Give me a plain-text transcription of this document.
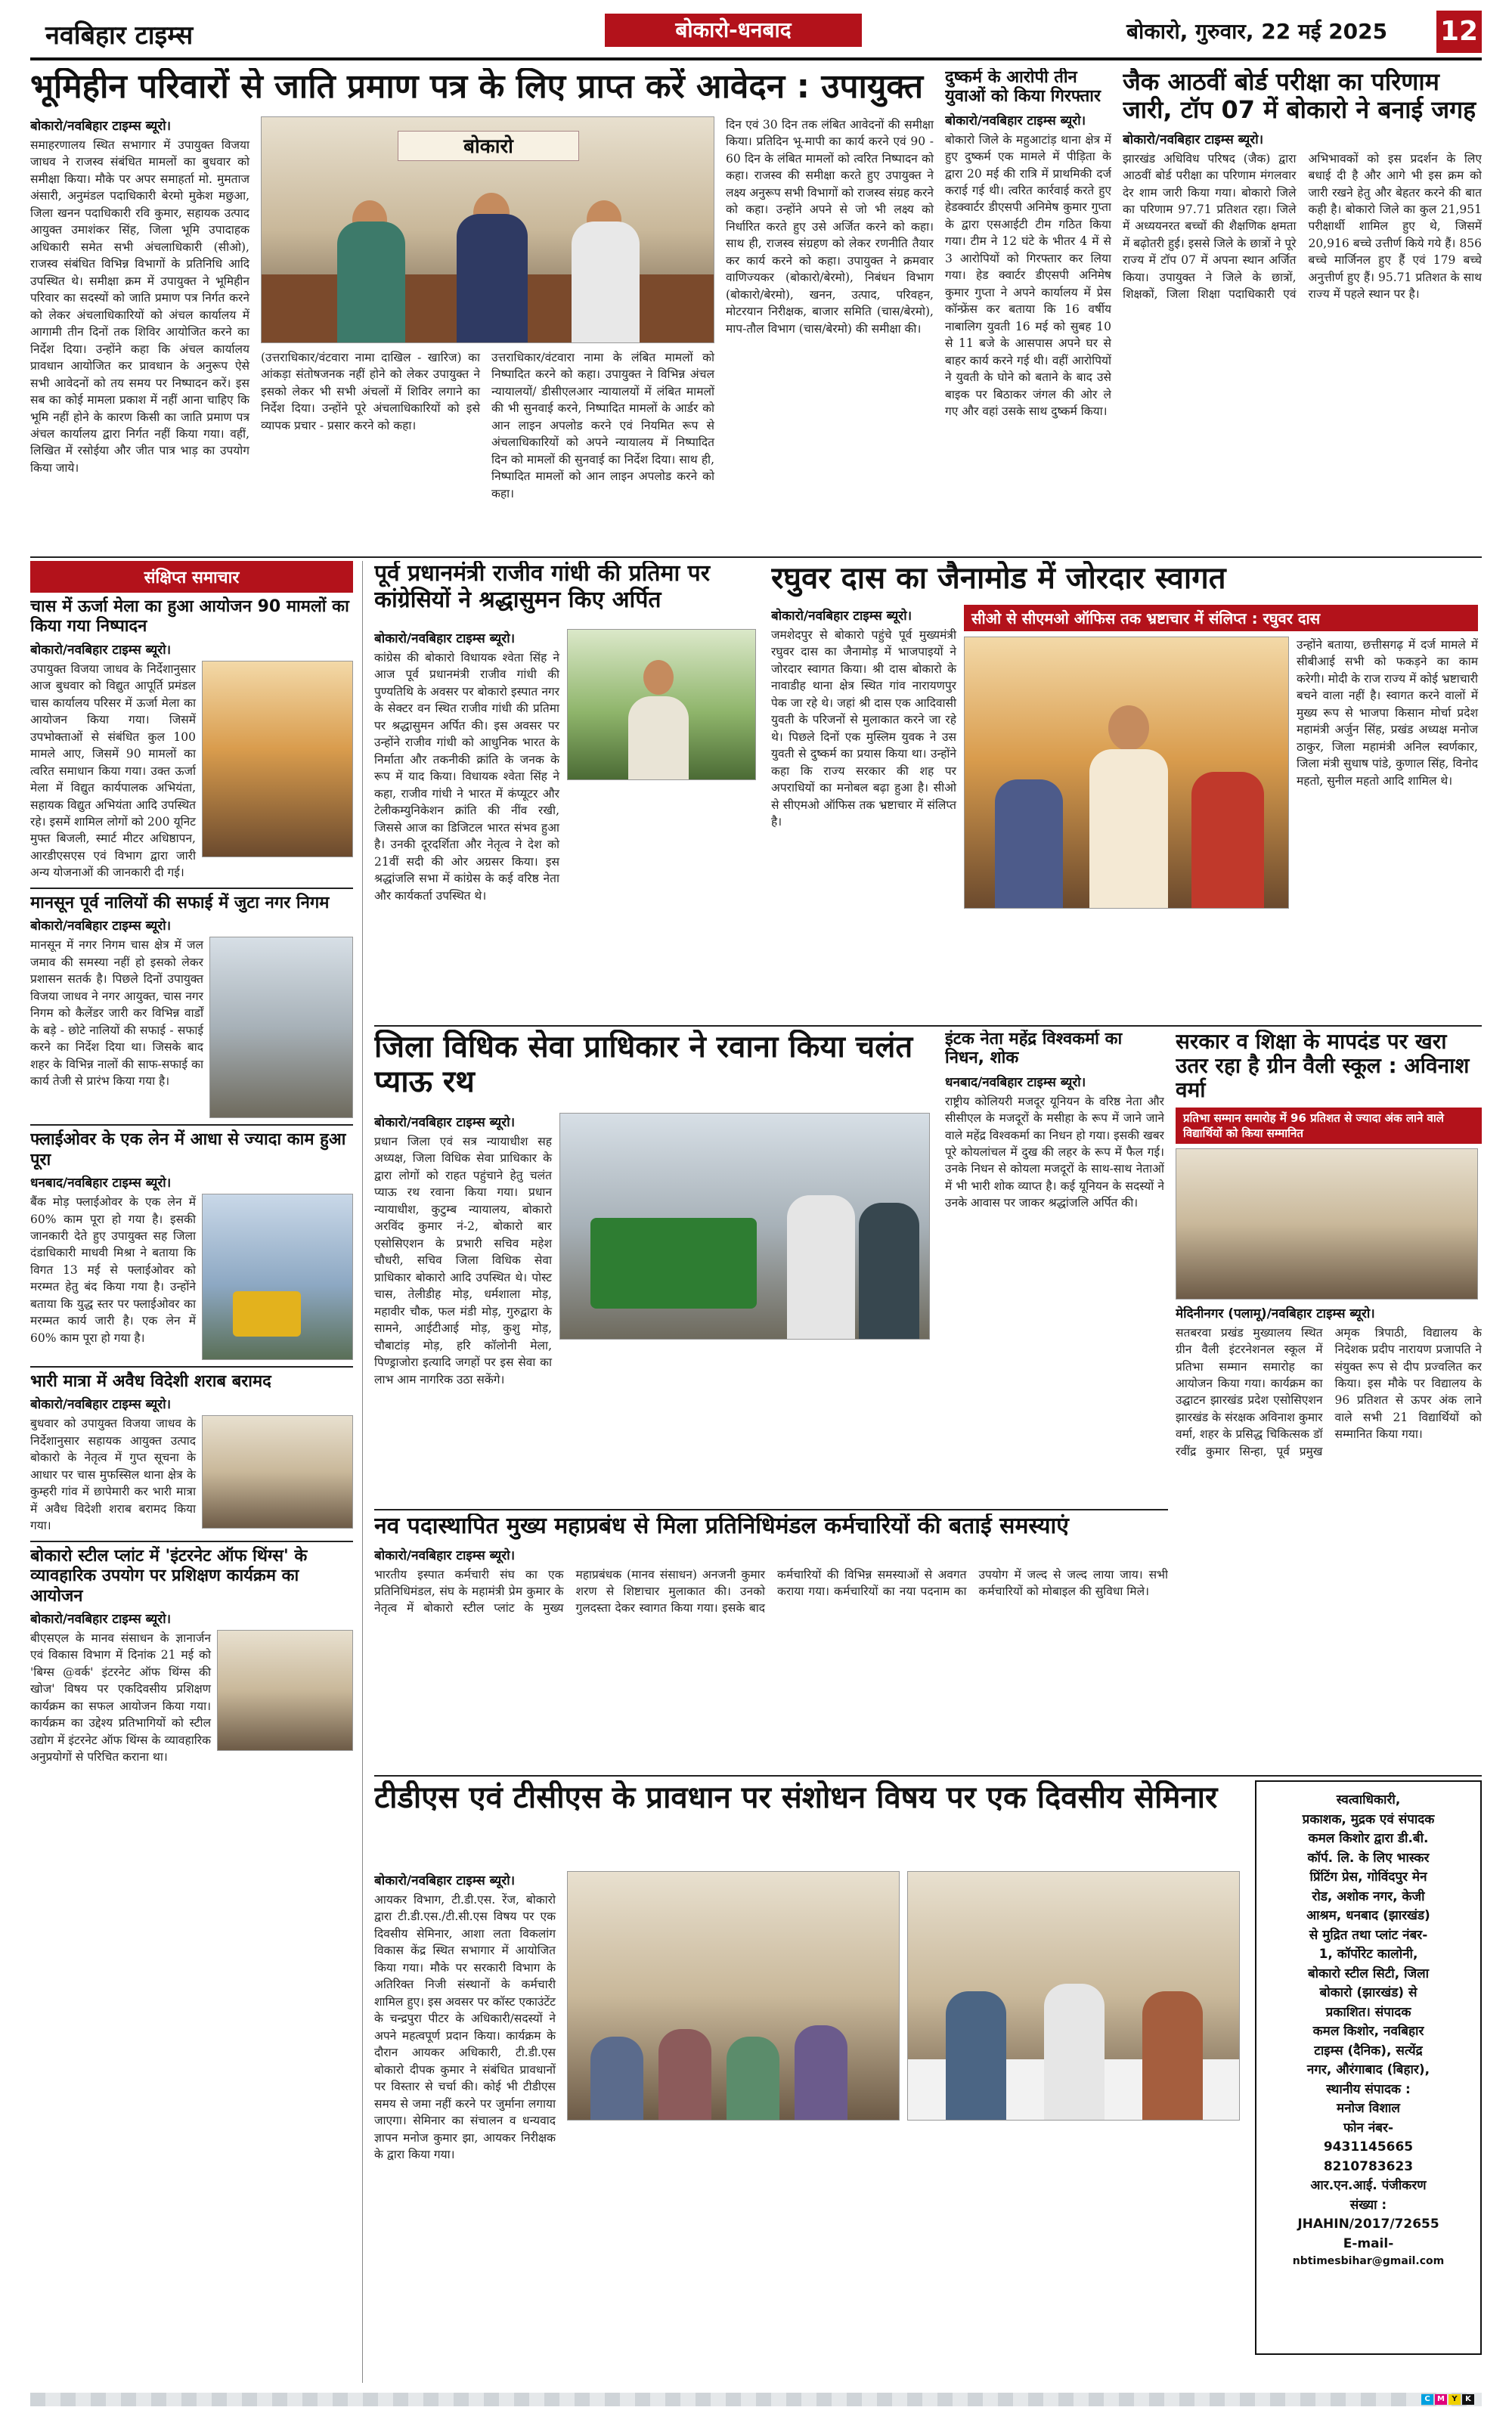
नवबिहार टाइम्स	बोकारो-धनबाद	बोकारो, गुरुवार, 22 मई 2025 12
भूमिहीन परिवारों से जाति प्रमाण पत्र के लिए प्राप्त करें आवेदन : उपायुक्त
बोकारो/नवबिहार टाइम्स ब्यूरो।
समाहरणालय स्थित सभागार में उपायुक्त विजया जाधव ने राजस्व संबंधित मामलों का बुधवार को समीक्षा किया। मौके पर अपर समाहर्ता मो. मुमताज अंसारी, अनुमंडल पदाधिकारी बेरमो मुकेश मछुआ, जिला खनन पदाधिकारी रवि कुमार, सहायक उत्पाद आयुक्त उमाशंकर सिंह, जिला भूमि उपादाहक अधिकारी समेत सभी अंचलाधिकारी (सीओ), राजस्व संबंधित विभिन्न विभागों के प्रतिनिधि आदि उपस्थित थे। समीक्षा क्रम में उपायुक्त ने भूमिहीन परिवार का सदस्यों को जाति प्रमाण पत्र निर्गत करने को लेकर अंचलाधिकारियों को अंचल कार्यालय में आगामी तीन दिनों तक शिविर आयोजित करने का निर्देश दिया। उन्होंने कहा कि अंचल कार्यालय प्रावधान आयोजित कर प्रावधान के अनुरूप ऐसे सभी आवेदनों को तय समय पर निष्पादन करें। इस सब का कोई मामला प्रकाश में नहीं आना चाहिए कि भूमि नहीं होने के कारण किसी का जाति प्रमाण पत्र अंचल कार्यालय द्वारा निर्गत नहीं किया गया। वहीं, लिखित में रसोईया और जीत पात्र भाड़ का उपयोग किया जाये।
बोकारो
(उत्तराधिकार/वंटवारा नामा दाखिल - खारिज) का आंकड़ा संतोषजनक नहीं होने को लेकर उपायुक्त ने इसको लेकर भी सभी अंचलों में शिविर लगाने का निर्देश दिया। उन्होंने पूरे अंचलाधिकारियों को इसे व्यापक प्रचार - प्रसार करने को कहा।
उत्तराधिकार/वंटवारा नामा के लंबित मामलों को निष्पादित करने को कहा। उपायुक्त ने विभिन्न अंचल न्यायालयों/ डीसीएलआर न्यायालयों में लंबित मामलों की भी सुनवाई करने, निष्पादित मामलों के आर्डर को आन लाइन अपलोड करने एवं नियमित रूप से अंचलाधिकारियों को अपने न्यायालय में निष्पादित दिन को मामलों की सुनवाई का निर्देश दिया। साथ ही, निष्पादित मामलों को आन लाइन अपलोड करने को कहा।
दिन एवं 30 दिन तक लंबित आवेदनों की समीक्षा किया। प्रतिदिन भू-मापी का कार्य करने एवं 90 - 60 दिन के लंबित मामलों को त्वरित निष्पादन को कहा। राजस्व की समीक्षा करते हुए उपायुक्त ने लक्ष्य अनुरूप सभी विभागों को राजस्व संग्रह करने को कहा। उन्होंने अपने से जो भी लक्ष्य को निर्धारित करते हुए उसे अर्जित करने को कहा। साथ ही, राजस्व संग्रहण को लेकर रणनीति तैयार कर कार्य करने को कहा। उपायुक्त ने क्रमवार वाणिज्यकर (बोकारो/बेरमो), निबंधन विभाग (बोकारो/बेरमो), खनन, उत्पाद, परिवहन, मोटरयान निरीक्षक, बाजार समिति (चास/बेरमो), माप-तौल विभाग (चास/बेरमो) की समीक्षा की।
दुष्कर्म के आरोपी तीन युवाओं को किया गिरफ्तार
बोकारो/नवबिहार टाइम्स ब्यूरो।
बोकारो जिले के महुआटांड़ थाना क्षेत्र में हुए दुष्कर्म एक मामले में पीड़िता के द्वारा 20 मई की रात्रि में प्राथमिकी दर्ज कराई गई थी। त्वरित कार्रवाई करते हुए हेडक्वार्टर डीएसपी अनिमेष कुमार गुप्ता के द्वारा एसआईटी टीम गठित किया गया। टीम ने 12 घंटे के भीतर 4 में से 3 आरोपियों को गिरफ्तार कर लिया गया। हेड क्वार्टर डीएसपी अनिमेष कुमार गुप्ता ने अपने कार्यालय में प्रेस कॉन्फ्रेंस कर बताया कि 16 वर्षीय नाबालिग युवती 16 मई को सुबह 10 से 11 बजे के आसपास अपने घर से बाहर कार्य करने गई थी। वहीं आरोपियों ने युवती के घोने को बताने के बाद उसे बाइक पर बिठाकर जंगल की ओर ले गए और वहां उसके साथ दुष्कर्म किया।
जैक आठवीं बोर्ड परीक्षा का परिणाम जारी, टॉप 07 में बोकारो ने बनाई जगह
बोकारो/नवबिहार टाइम्स ब्यूरो।
झारखंड अधिविध परिषद (जैक) द्वारा आठवीं बोर्ड परीक्षा का परिणाम मंगलवार देर शाम जारी किया गया। बोकारो जिले का परिणाम 97.71 प्रतिशत रहा। जिले में अध्ययनरत बच्चों की शैक्षणिक क्षमता में बढ़ोतरी हुई। इससे जिले के छात्रों ने पूरे राज्य में टॉप 07 में अपना स्थान अर्जित किया। उपायुक्त ने जिले के छात्रों, शिक्षकों, जिला शिक्षा पदाधिकारी एवं अभिभावकों को इस प्रदर्शन के लिए बधाई दी है और आगे भी इस क्रम को जारी रखने हेतु और बेहतर करने की बात कही है। बोकारो जिले का कुल 21,951 परीक्षार्थी शामिल हुए थे, जिसमें 20,916 बच्चे उत्तीर्ण किये गये हैं। 856 बच्चे मार्जिनल हुए हैं एवं 179 बच्चे अनुत्तीर्ण हुए हैं। 95.71 प्रतिशत के साथ राज्य में पहले स्थान पर है।
संक्षिप्त समाचार
चास में ऊर्जा मेला का हुआ आयोजन 90 मामलों का किया गया निष्पादन
बोकारो/नवबिहार टाइम्स ब्यूरो।
उपायुक्त विजया जाधव के निर्देशानुसार आज बुधवार को विद्युत आपूर्ति प्रमंडल चास कार्यालय परिसर में ऊर्जा मेला का आयोजन किया गया। जिसमें उपभोक्ताओं से संबंधित कुल 100 मामले आए, जिसमें 90 मामलों का त्वरित समाधान किया गया। उक्त ऊर्जा मेला में विद्युत कार्यपालक अभियंता, सहायक विद्युत अभियंता आदि उपस्थित रहे। इसमें शामिल लोगों को 200 यूनिट मुफ्त बिजली, स्मार्ट मीटर अधिष्ठापन, आरडीएसएस एवं विभाग द्वारा जारी अन्य योजनाओं की जानकारी दी गई।
मानसून पूर्व नालियों की सफाई में जुटा नगर निगम
बोकारो/नवबिहार टाइम्स ब्यूरो।
मानसून में नगर निगम चास क्षेत्र में जल जमाव की समस्या नहीं हो इसको लेकर प्रशासन सतर्क है। पिछले दिनों उपायुक्त विजया जाधव ने नगर आयुक्त, चास नगर निगम को कैलेंडर जारी कर विभिन्न वार्डों के बड़े - छोटे नालियों की सफाई - सफाई करने का निर्देश दिया था। जिसके बाद शहर के विभिन्न नालों की साफ-सफाई का कार्य तेजी से प्रारंभ किया गया है।
फ्लाईओवर के एक लेन में आधा से ज्यादा काम हुआ पूरा
धनबाद/नवबिहार टाइम्स ब्यूरो।
बैंक मोड़ फ्लाईओवर के एक लेन में 60% काम पूरा हो गया है। इसकी जानकारी देते हुए उपायुक्त सह जिला दंडाधिकारी माधवी मिश्रा ने बताया कि विगत 13 मई से फ्लाईओवर को मरम्मत हेतु बंद किया गया है। उन्होंने बताया कि युद्ध स्तर पर फ्लाईओवर का मरम्मत कार्य जारी है। एक लेन में 60% काम पूरा हो गया है।
भारी मात्रा में अवैध विदेशी शराब बरामद
बोकारो/नवबिहार टाइम्स ब्यूरो।
बुधवार को उपायुक्त विजया जाधव के निर्देशानुसार सहायक आयुक्त उत्पाद बोकारो के नेतृत्व में गुप्त सूचना के आधार पर चास मुफस्सिल थाना क्षेत्र के कुम्हरी गांव में छापेमारी कर भारी मात्रा में अवैध विदेशी शराब बरामद किया गया।
बोकारो स्टील प्लांट में 'इंटरनेट ऑफ थिंग्स' के व्यावहारिक उपयोग पर प्रशिक्षण कार्यक्रम का आयोजन
बोकारो/नवबिहार टाइम्स ब्यूरो।
बीएसएल के मानव संसाधन के ज्ञानार्जन एवं विकास विभाग में दिनांक 21 मई को 'बिग्स @वर्क' इंटरनेट ऑफ थिंग्स की खोज' विषय पर एकदिवसीय प्रशिक्षण कार्यक्रम का सफल आयोजन किया गया। कार्यक्रम का उद्देश्य प्रतिभागियों को स्टील उद्योग में इंटरनेट ऑफ थिंग्स के व्यावहारिक अनुप्रयोगों से परिचित कराना था।
पूर्व प्रधानमंत्री राजीव गांधी की प्रतिमा पर कांग्रेसियों ने श्रद्धासुमन किए अर्पित
बोकारो/नवबिहार टाइम्स ब्यूरो।
कांग्रेस की बोकारो विधायक श्वेता सिंह ने आज पूर्व प्रधानमंत्री राजीव गांधी की पुण्यतिथि के अवसर पर बोकारो इस्पात नगर के सेक्टर वन स्थित राजीव गांधी की प्रतिमा पर श्रद्धासुमन अर्पित की। इस अवसर पर उन्होंने राजीव गांधी को आधुनिक भारत के निर्माता और तकनीकी क्रांति के जनक के रूप में याद किया। विधायक श्वेता सिंह ने कहा, राजीव गांधी ने भारत में कंप्यूटर और टेलीकम्युनिकेशन क्रांति की नींव रखी, जिससे आज का डिजिटल भारत संभव हुआ है। उनकी दूरदर्शिता और नेतृत्व ने देश को 21वीं सदी की ओर अग्रसर किया। इस श्रद्धांजलि सभा में कांग्रेस के कई वरिष्ठ नेता और कार्यकर्ता उपस्थित थे।
रघुवर दास का जैनामोड में जोरदार स्वागत
सीओ से सीएमओ ऑफिस तक भ्रष्टाचार में संलिप्त : रघुवर दास
बोकारो/नवबिहार टाइम्स ब्यूरो।
जमशेदपुर से बोकारो पहुंचे पूर्व मुख्यमंत्री रघुवर दास का जैनामोड़ में भाजपाइयों ने जोरदार स्वागत किया। श्री दास बोकारो के नावाडीह थाना क्षेत्र स्थित गांव नारायणपुर पेक जा रहे थे। जहां श्री दास एक आदिवासी युवती के परिजनों से मुलाकात करने जा रहे थे। पिछले दिनों एक मुस्लिम युवक ने उस युवती से दुष्कर्म का प्रयास किया था। उन्होंने कहा कि राज्य सरकार की शह पर अपराधियों का मनोबल बढ़ा हुआ है। सीओ से सीएमओ ऑफिस तक भ्रष्टाचार में संलिप्त है।
उन्होंने बताया, छत्तीसगढ़ में दर्ज मामले में सीबीआई सभी को फकड़ने का काम करेगी। मोदी के राज राज्य में कोई भ्रष्टाचारी बचने वाला नहीं है। स्वागत करने वालों में मुख्य रूप से भाजपा किसान मोर्चा प्रदेश महामंत्री अर्जुन सिंह, प्रखंड अध्यक्ष मनोज ठाकुर, जिला महामंत्री अनिल स्वर्णकार, जिला मंत्री सुधाष पांडे, कुणाल सिंह, विनोद महतो, सुनील महतो आदि शामिल थे।
जिला विधिक सेवा प्राधिकार ने रवाना किया चलंत प्याऊ रथ
बोकारो/नवबिहार टाइम्स ब्यूरो।
प्रधान जिला एवं सत्र न्यायाधीश सह अध्यक्ष, जिला विधिक सेवा प्राधिकार के द्वारा लोगों को राहत पहुंचाने हेतु चलंत प्याऊ रथ रवाना किया गया। प्रधान न्यायाधीश, कुटुम्ब न्यायालय, बोकारो अरविंद कुमार नं-2, बोकारो बार एसोसिएशन के प्रभारी सचिव महेश चौधरी, सचिव जिला विधिक सेवा प्राधिकार बोकारो आदि उपस्थित थे। पोस्ट चास, तेलीडीह मोड़, धर्मशाला मोड़, महावीर चौक, फल मंडी मोड़, गुरुद्वारा के सामने, आईटीआई मोड़, कुशु मोड़, चौबाटांड़ मोड़, हरि कॉलोनी मेला, पिण्ड्राजोरा इत्यादि जगहों पर इस सेवा का लाभ आम नागरिक उठा सकेंगे।
इंटक नेता महेंद्र विश्वकर्मा का निधन, शोक
धनबाद/नवबिहार टाइम्स ब्यूरो।
राष्ट्रीय कोलियरी मजदूर यूनियन के वरिष्ठ नेता और सीसीएल के मजदूरों के मसीहा के रूप में जाने जाने वाले महेंद्र विश्वकर्मा का निधन हो गया। इसकी खबर पूरे कोयलांचल में दुख की लहर के रूप में फैल गई। उनके निधन से कोयला मजदूरों के साथ-साथ नेताओं में भी भारी शोक व्याप्त है। कई यूनियन के सदस्यों ने उनके आवास पर जाकर श्रद्धांजलि अर्पित की।
सरकार व शिक्षा के मापदंड पर खरा उतर रहा है ग्रीन वैली स्कूल : अविनाश वर्मा
प्रतिभा सम्मान समारोह में 96 प्रतिशत से ज्यादा अंक लाने वाले विद्यार्थियों को किया सम्मानित
मेदिनीनगर (पलामू)/नवबिहार टाइम्स ब्यूरो।
सतबरवा प्रखंड मुख्यालय स्थित ग्रीन वैली इंटरनेशनल स्कूल में प्रतिभा सम्मान समारोह का आयोजन किया गया। कार्यक्रम का उद्घाटन झारखंड प्रदेश एसोसिएशन झारखंड के संरक्षक अविनाश कुमार वर्मा, शहर के प्रसिद्ध चिकित्सक डॉ रवींद्र कुमार सिन्हा, पूर्व प्रमुख अमृक त्रिपाठी, विद्यालय के निदेशक प्रदीप नारायण प्रजापति ने संयुक्त रूप से दीप प्रज्वलित कर किया। इस मौके पर विद्यालय के 96 प्रतिशत से ऊपर अंक लाने वाले सभी 21 विद्यार्थियों को सम्मानित किया गया।
नव पदास्थापित मुख्य महाप्रबंध से मिला प्रतिनिधिमंडल कर्मचारियों की बताई समस्याएं
बोकारो/नवबिहार टाइम्स ब्यूरो।
भारतीय इस्पात कर्मचारी संघ का एक प्रतिनिधिमंडल, संघ के महामंत्री प्रेम कुमार के नेतृत्व में बोकारो स्टील प्लांट के मुख्य महाप्रबंधक (मानव संसाधन) अनजनी कुमार शरण से शिष्टाचार मुलाकात की। उनको गुलदस्ता देकर स्वागत किया गया। इसके बाद कर्मचारियों की विभिन्न समस्याओं से अवगत कराया गया। कर्मचारियों का नया पदनाम का उपयोग में जल्द से जल्द लाया जाय। सभी कर्मचारियों को मोबाइल की सुविधा मिले।
टीडीएस एवं टीसीएस के प्रावधान पर संशोधन विषय पर एक दिवसीय सेमिनार
बोकारो/नवबिहार टाइम्स ब्यूरो।
आयकर विभाग, टी.डी.एस. रेंज, बोकारो द्वारा टी.डी.एस./टी.सी.एस विषय पर एक दिवसीय सेमिनार, आशा लता विकलांग विकास केंद्र स्थित सभागार में आयोजित किया गया। मौके पर सरकारी विभाग के अतिरिक्त निजी संस्थानों के कर्मचारी शामिल हुए। इस अवसर पर कॉस्ट एकाउंटेंट के चन्द्रपुरा पीटर के अधिकारी/सदस्यों ने अपने महत्वपूर्ण प्रदान किया। कार्यक्रम के दौरान आयकर अधिकारी, टी.डी.एस बोकारो दीपक कुमार ने संबंधित प्रावधानों पर विस्तार से चर्चा की। कोई भी टीडीएस समय से जमा नहीं करने पर जुर्माना लगाया जाएगा। सेमिनार का संचालन व धन्यवाद ज्ञापन मनोज कुमार झा, आयकर निरीक्षक के द्वारा किया गया।
स्वत्वाधिकारी,
प्रकाशक, मुद्रक एवं संपादक
कमल किशोर द्वारा डी.बी.
कॉर्प. लि. के लिए भास्कर
प्रिंटिंग प्रेस, गोविंदपुर मेन
रोड, अशोक नगर, केजी
आश्रम, धनबाद (झारखंड)
से मुद्रित तथा प्लांट नंबर-
1, कॉर्पोरेट कालोनी,
बोकारो स्टील सिटी, जिला
बोकारो (झारखंड) से
प्रकाशित। संपादक
कमल किशोर, नवबिहार
टाइम्स (दैनिक), सत्येंद्र
नगर, औरंगाबाद (बिहार),
स्थानीय संपादक :
मनोज विशाल
फोन नंबर-
9431145665
8210783623
आर.एन.आई. पंजीकरण
संख्या :
JHAHIN/2017/72655
E-mail-
nbtimesbihar@gmail.com
C M Y	K
